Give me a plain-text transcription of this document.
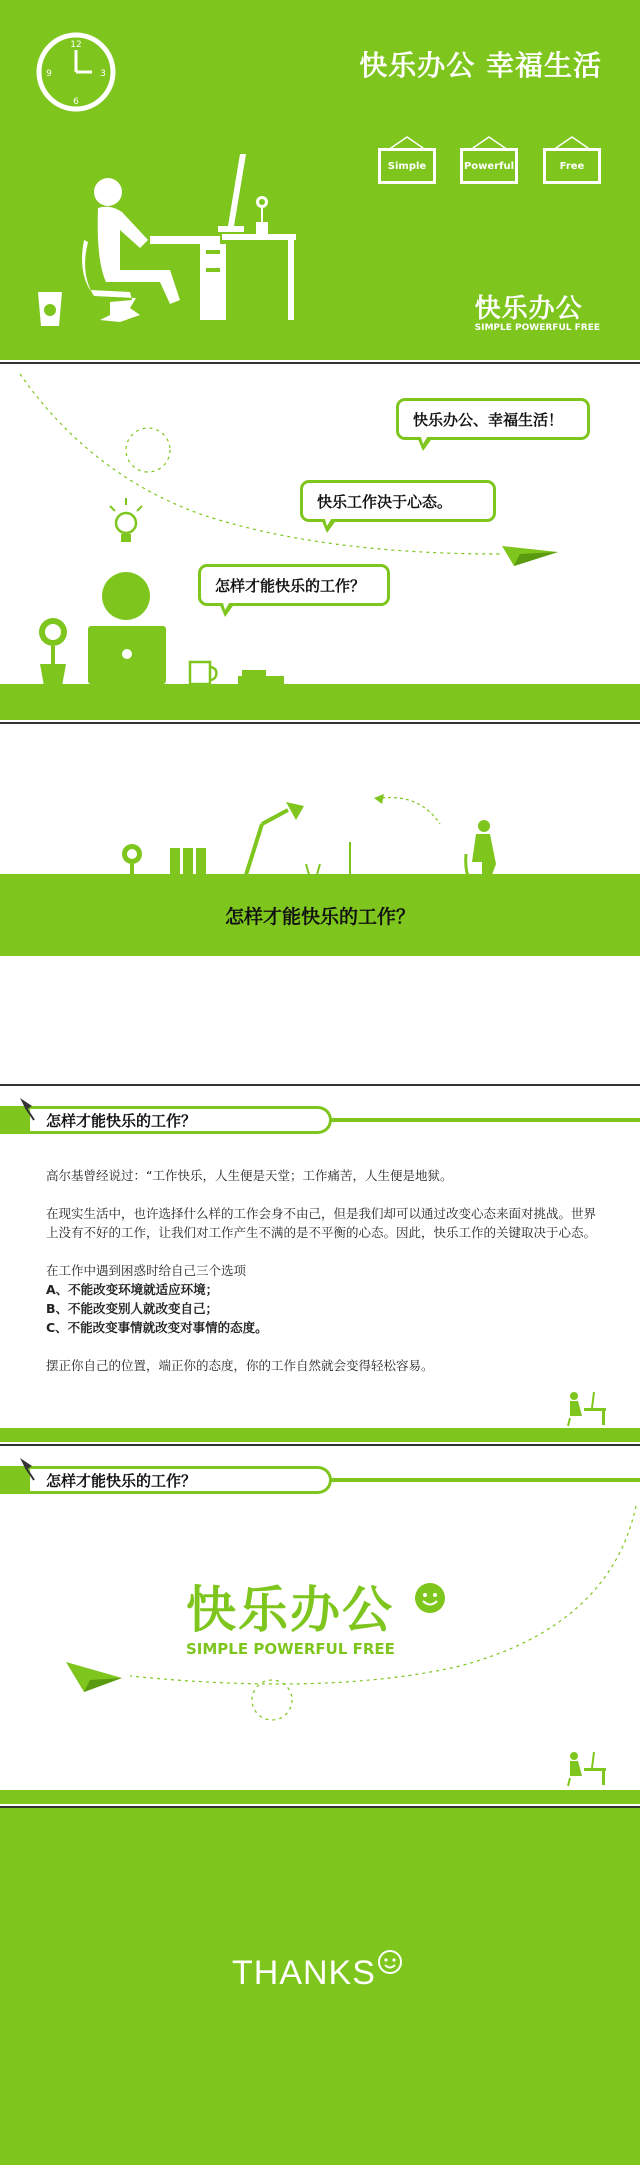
12
3
6
9	快乐办公 幸福生活
Simple	Powerful	Free
快乐办公
SIMPLE POWERFUL FREE
快乐办公、幸福生活！
快乐工作决于心态。
怎样才能快乐的工作？
怎样才能快乐的工作？
怎样才能快乐的工作？

高尔基曾经说过：“工作快乐，人生便是天堂；工作痛苦，人生便是地狱。

在现实生活中，也许选择什么样的工作会身不由己，但是我们却可以通过改变心态来面对挑战。世界上没有不好的工作，让我们对工作产生不满的是不平衡的心态。因此，快乐工作的关键取决于心态。

在工作中遇到困惑时给自己三个选项

A、不能改变环境就适应环境；

B、不能改变别人就改变自己；

C、不能改变事情就改变对事情的态度。

摆正你自己的位置，端正你的态度，你的工作自然就会变得轻松容易。

怎样才能快乐的工作？
快乐办公
SIMPLE POWERFUL FREE
THANKS
